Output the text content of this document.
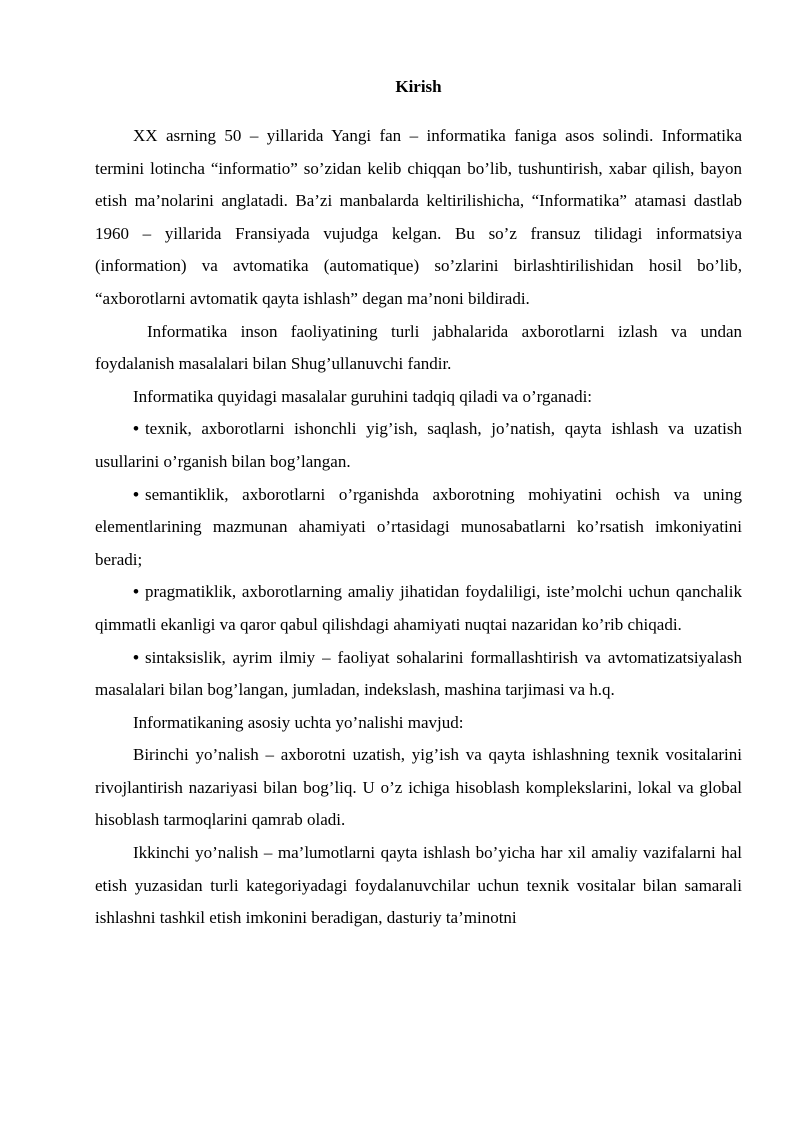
Kirish

XX asrning 50 – yillarida Yangi fan – informatika faniga asos solindi. Informatika termini lotincha “informatio” so’zidan kelib chiqqan bo’lib, tushuntirish, xabar qilish, bayon etish ma’nolarini anglatadi. Ba’zi manbalarda keltirilishicha, “Informatika” atamasi dastlab 1960 – yillarida Fransiyada vujudga kelgan. Bu so’z fransuz tilidagi informatsiya (information) va avtomatika (automatique) so’zlarini birlashtirilishidan hosil bo’lib, “axborotlarni avtomatik qayta ishlash” degan ma’noni bildiradi.

Informatika inson faoliyatining turli jabhalarida axborotlarni izlash va undan foydalanish masalalari bilan Shug’ullanuvchi fandir.

Informatika quyidagi masalalar guruhini tadqiq qiladi va o’rganadi:

• texnik, axborotlarni ishonchli yig’ish, saqlash, jo’natish, qayta ishlash va uzatish usullarini o’rganish bilan bog’langan.

• semantiklik, axborotlarni o’rganishda axborotning mohiyatini ochish va uning elementlarining mazmunan ahamiyati o’rtasidagi munosabatlarni ko’rsatish imkoniyatini beradi;

• pragmatiklik, axborotlarning amaliy jihatidan foydaliligi, iste’molchi uchun qanchalik qimmatli ekanligi va qaror qabul qilishdagi ahamiyati nuqtai nazaridan ko’rib chiqadi.

• sintaksislik, ayrim ilmiy – faoliyat sohalarini formallashtirish va avtomatizatsiyalash masalalari bilan bog’langan, jumladan, indekslash, mashina tarjimasi va h.q.

Informatikaning asosiy uchta yo’nalishi mavjud:

Birinchi yo’nalish – axborotni uzatish, yig’ish va qayta ishlashning texnik vositalarini rivojlantirish nazariyasi bilan bog’liq. U o’z ichiga hisoblash komplekslarini, lokal va global hisoblash tarmoqlarini qamrab oladi.

Ikkinchi yo’nalish – ma’lumotlarni qayta ishlash bo’yicha har xil amaliy vazifalarni hal etish yuzasidan turli kategoriyadagi foydalanuvchilar uchun texnik vositalar bilan samarali ishlashni tashkil etish imkonini beradigan, dasturiy ta’minotni
